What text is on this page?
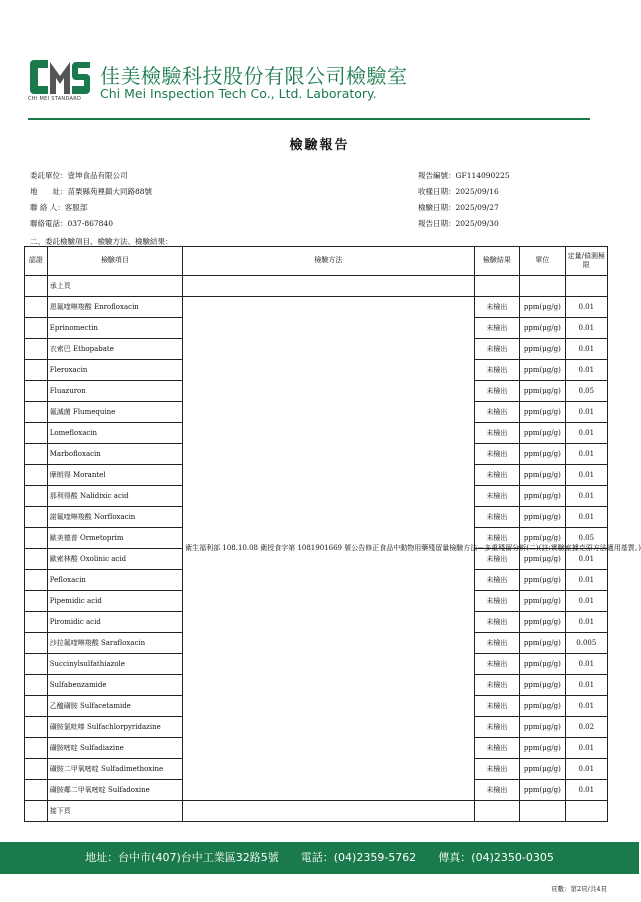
CHI MEI STANDARD
佳美檢驗科技股份有限公司檢驗室
Chi Mei Inspection Tech Co., Ltd. Laboratory.
檢驗報告
委託單位：壹坤食品有限公司
地　　址：苗栗縣苑裡鎮大同路88號
聯 絡 人：客服部
聯絡電話：037-867840
報告編號：GF114090225
收樣日期：2025/09/16
檢驗日期：2025/09/27
報告日期：2025/09/30
二、委託檢驗項目、檢驗方法、檢驗結果：
認證	檢驗項目	檢驗方法	檢驗結果	單位	定量/偵測極限
	承上頁				
	恩氟喹啉羧酸 Enrofloxacin	衛生福利部 108.10.08 衛授食字第 1081901669 號公告修正食品中動物用藥殘留量檢驗方法－多重殘留分析(二)(註:實驗室據克原方法適用基質。)	未檢出	ppm(μg/g)	0.01
	Eprinomectin		未檢出	ppm(μg/g)	0.01
	衣索巴 Ethopabate		未檢出	ppm(μg/g)	0.01
	Fleroxacin		未檢出	ppm(μg/g)	0.01
	Fluazuron		未檢出	ppm(μg/g)	0.05
	氟滅菌 Flumequine		未檢出	ppm(μg/g)	0.01
	Lomefloxacin		未檢出	ppm(μg/g)	0.01
	Marbofloxacin		未檢出	ppm(μg/g)	0.01
	摩朗得 Morantel		未檢出	ppm(μg/g)	0.01
	那利得酸 Nalidixic acid		未檢出	ppm(μg/g)	0.01
	諾氟喹啉羧酸 Norfloxacin		未檢出	ppm(μg/g)	0.01
	歐美德普 Ormetoprim		未檢出	ppm(μg/g)	0.05
	歐索林酸 Oxolinic acid		未檢出	ppm(μg/g)	0.01
	Pefloxacin		未檢出	ppm(μg/g)	0.01
	Pipemidic acid		未檢出	ppm(μg/g)	0.01
	Piromidic acid		未檢出	ppm(μg/g)	0.01
	沙拉氟喹啉羧酸 Sarafloxacin		未檢出	ppm(μg/g)	0.005
	Succinylsulfathiazole		未檢出	ppm(μg/g)	0.01
	Sulfabenzamide		未檢出	ppm(μg/g)	0.01
	乙醯磺胺 Sulfacetamide		未檢出	ppm(μg/g)	0.01
	磺胺氯吡嗪 Sulfachlorpyridazine		未檢出	ppm(μg/g)	0.02
	磺胺嘧啶 Sulfadiazine		未檢出	ppm(μg/g)	0.01
	磺胺二甲氧嘧啶 Sulfadimethoxine		未檢出	ppm(μg/g)	0.01
	磺胺鄰二甲氧嘧啶 Sulfadoxine		未檢出	ppm(μg/g)	0.01
	接下頁				
地址：台中市(407)台中工業區32路5號　　電話：(04)2359-5762　　傳真：(04)2350-0305
頁數：第2頁/共4頁
